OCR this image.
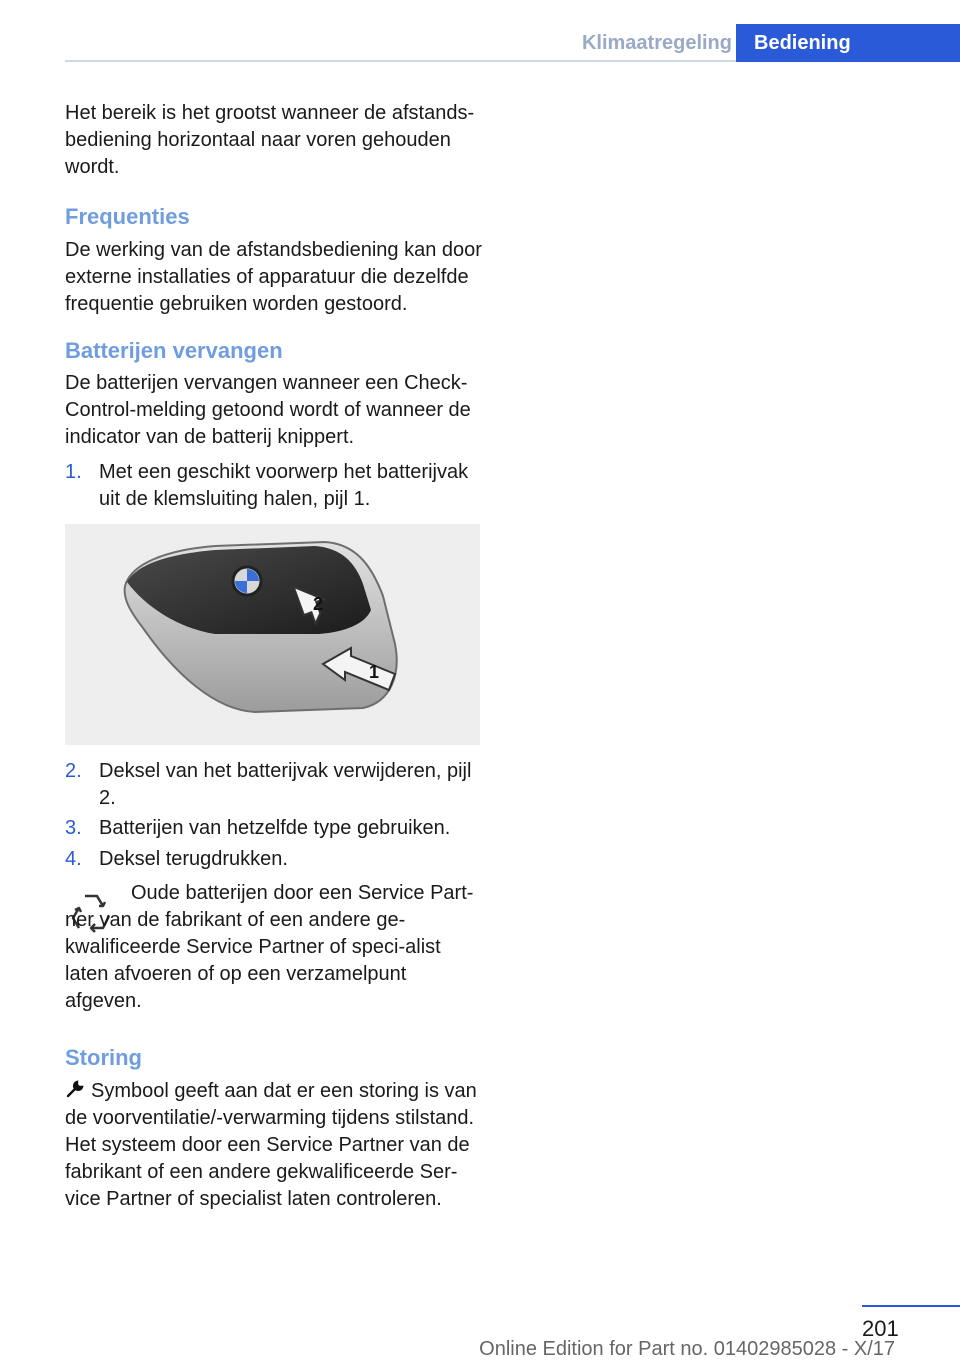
Klimaatregeling	Bediening

Het bereik is het grootst wanneer de afstands-bediening horizontaal naar voren gehouden wordt.

Frequenties

De werking van de afstandsbediening kan door externe installaties of apparatuur die dezelfde frequentie gebruiken worden gestoord.

Batterijen vervangen

De batterijen vervangen wanneer een Check-Control-melding getoond wordt of wanneer de indicator van de batterij knippert.

1. Met een geschikt voorwerp het batterijvak uit de klemsluiting halen, pijl 1.
2
1
2. Deksel van het batterijvak verwijderen, pijl 2.
3. Batterijen van hetzelfde type gebruiken.
4. Deksel terugdrukken.

Oude batterijen door een Service Part-ner van de fabrikant of een andere ge-kwalificeerde Service Partner of speci-alist laten afvoeren of op een verzamelpunt afgeven.

Storing

Symbool geeft aan dat er een storing is van de voorventilatie/-verwarming tijdens stilstand. Het systeem door een Service Partner van de fabrikant of een andere gekwalificeerde Ser-vice Partner of specialist laten controleren.

201
Online Edition for Part no. 01402985028 - X/17
